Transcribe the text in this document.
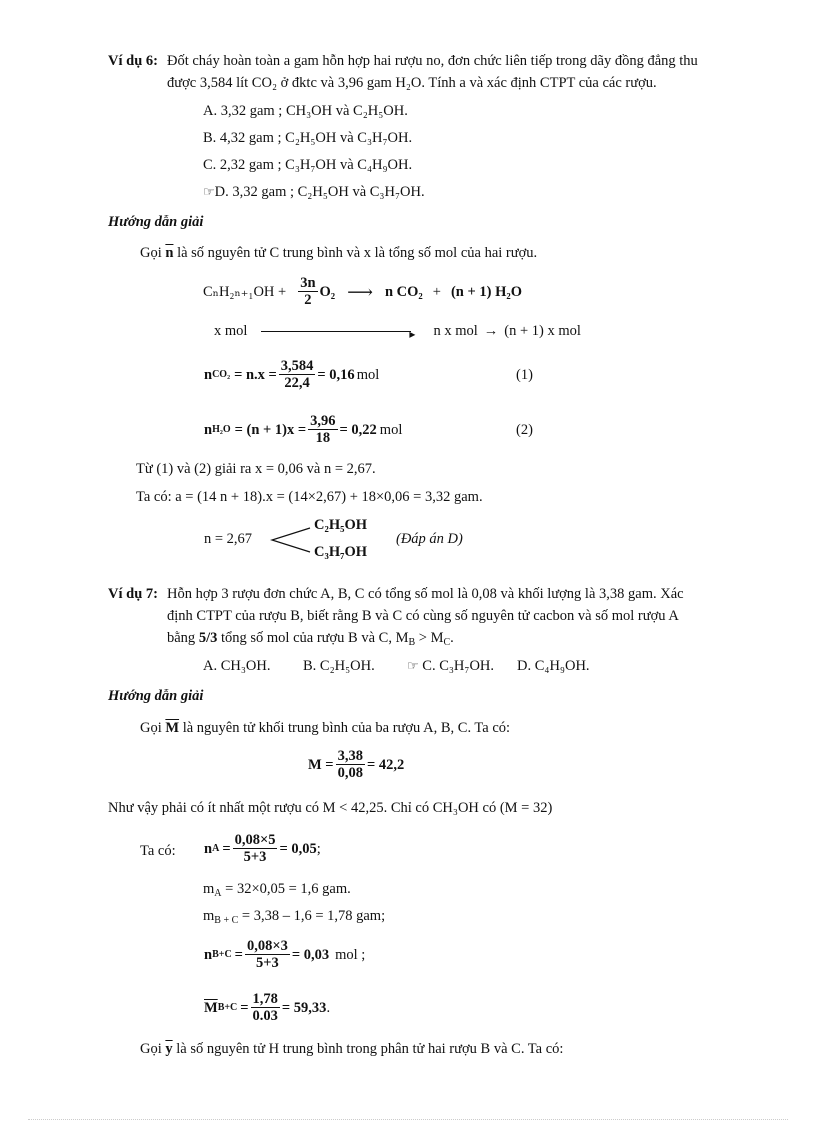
Ví dụ 6: Đốt cháy hoàn toàn a gam hỗn hợp hai rượu no, đơn chức liên tiếp trong dãy đồng đẳng thu
được 3,584 lít CO₂ ở đktc và 3,96 gam H₂O. Tính a và xác định CTPT của các rượu.
A. 3,32 gam ; CH₃OH và C₂H₅OH.
B. 4,32 gam ; C₂H₅OH và C₃H₇OH.
C. 2,32 gam ; C₃H₇OH và C₄H₉OH.
☞D. 3,32 gam ; C₂H₅OH và C₃H₇OH.
Hướng dẫn giải
Gọi $\overline{n}$ là số nguyên tử C trung bình và x là tổng số mol của hai rượu.
$C_nH_{2n+1}OH + \frac{3n}{2} O_2$ ⟶ n CO₂ + (n + 1) H₂O
x mol	▸ n x mol → (n + 1) x mol
n $CO_2 = n.x = \frac{3,584}{22,4} = 0,16$ mol	(1)
n $H_2O = (n + 1)x = \frac{3,96}{18} = 0,22$ mol	(2)
Từ (1) và (2) giải ra x = 0,06 và n = 2,67.
Ta có: a = (14 n + 18).x = (14×2,67) + 18×0,06 = 3,32 gam.
n = 2,67
C₂H₅OH
C₃H₇OH
(Đáp án D)
Ví dụ 7: Hỗn hợp 3 rượu đơn chức A, B, C có tổng số mol là 0,08 và khối lượng là 3,38 gam. Xác
định CTPT của rượu B, biết rằng B và C có cùng số nguyên tử cacbon và số mol rượu A
bằng 5/3 tổng số mol của rượu B và C, $M_B > M_C$.
A. CH₃OH.	B. C₂H₅OH.	☞ C. C₃H₇OH.	D. C₄H₉OH.
Hướng dẫn giải
Gọi $\overline{M}$ là nguyên tử khối trung bình của ba rượu A, B, C. Ta có:
$M = \frac{3,38}{0,08} = 42,2$
Như vậy phải có ít nhất một rượu có M < 42,25. Chỉ có CH₃OH có (M = 32)
Ta có: n $A = \frac{0,08\times 5}{5+3} = 0,05$ ;
$m_A = 32\times 0,05 = 1,6$ gam.
$m_{B + C} = 3,38 - 1,6 = 1,78$ gam;
n $B+C = \frac{0,08\times 3}{5+3} = 0,03$ mol ;
$\overline{M}$ $B+C = \frac{1,78}{0.03} = 59,33$ .
Gọi $\overline{y}$ là số nguyên tử H trung bình trong phân tử hai rượu B và C. Ta có:
